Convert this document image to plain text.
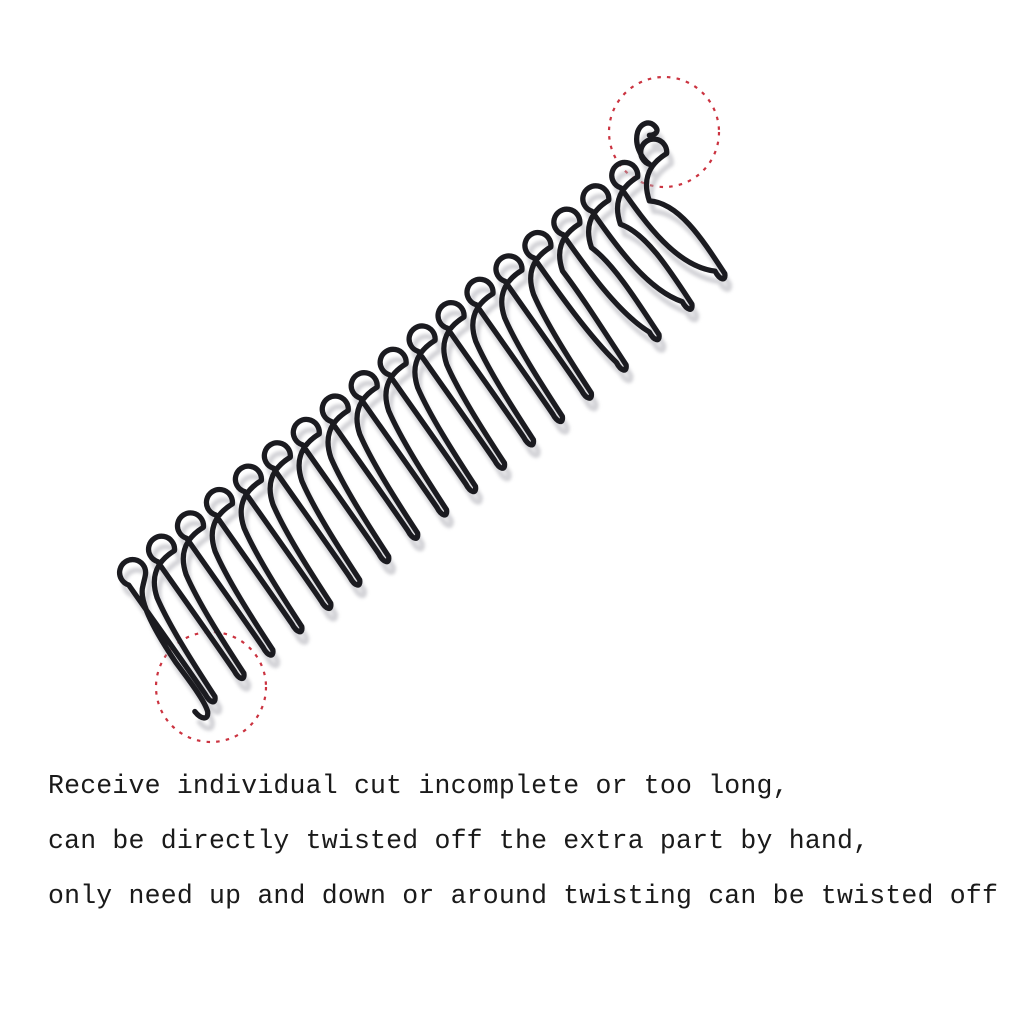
Receive individual cut incomplete or too long,
can be directly twisted off the extra part by hand,
only need up and down or around twisting can be twisted off
